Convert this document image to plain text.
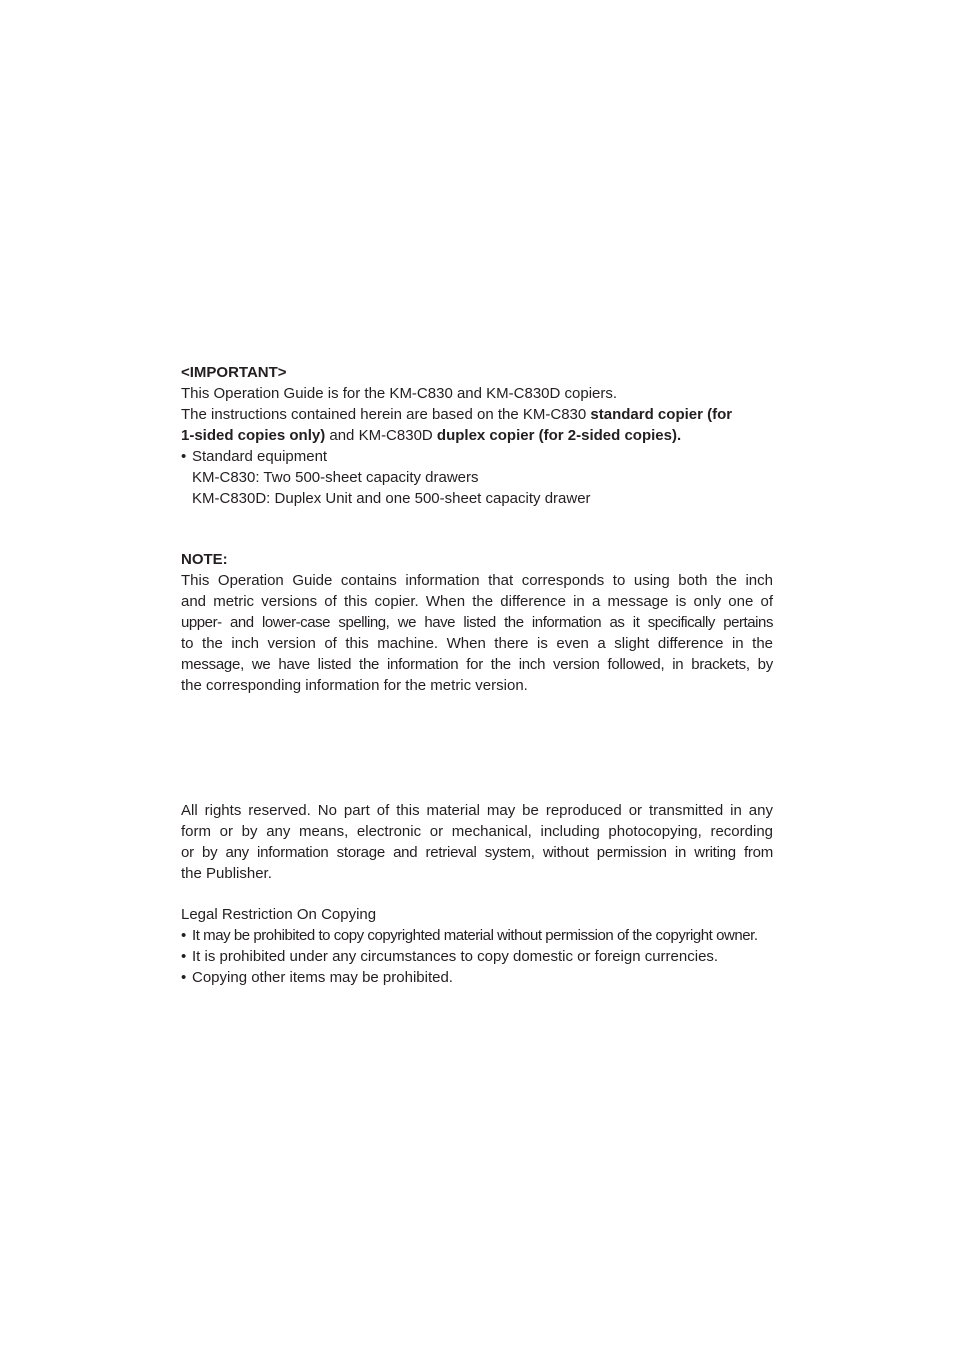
<IMPORTANT>
This Operation Guide is for the KM-C830 and KM-C830D copiers.
The instructions contained herein are based on the KM-C830 standard copier (for
1-sided copies only) and KM-C830D duplex copier (for 2-sided copies).
• Standard equipment
KM-C830: Two 500-sheet capacity drawers
KM-C830D: Duplex Unit and one 500-sheet capacity drawer
NOTE:
This Operation Guide contains information that corresponds to using both the inch
and metric versions of this copier. When the difference in a message is only one of
upper- and lower-case spelling, we have listed the information as it specifically pertains
to the inch version of this machine. When there is even a slight difference in the
message, we have listed the information for the inch version followed, in brackets, by
the corresponding information for the metric version.
All rights reserved. No part of this material may be reproduced or transmitted in any
form or by any means, electronic or mechanical, including photocopying, recording
or by any information storage and retrieval system, without permission in writing from
the Publisher.
Legal Restriction On Copying
• It may be prohibited to copy copyrighted material without permission of the copyright owner.
• It is prohibited under any circumstances to copy domestic or foreign currencies.
• Copying other items may be prohibited.
